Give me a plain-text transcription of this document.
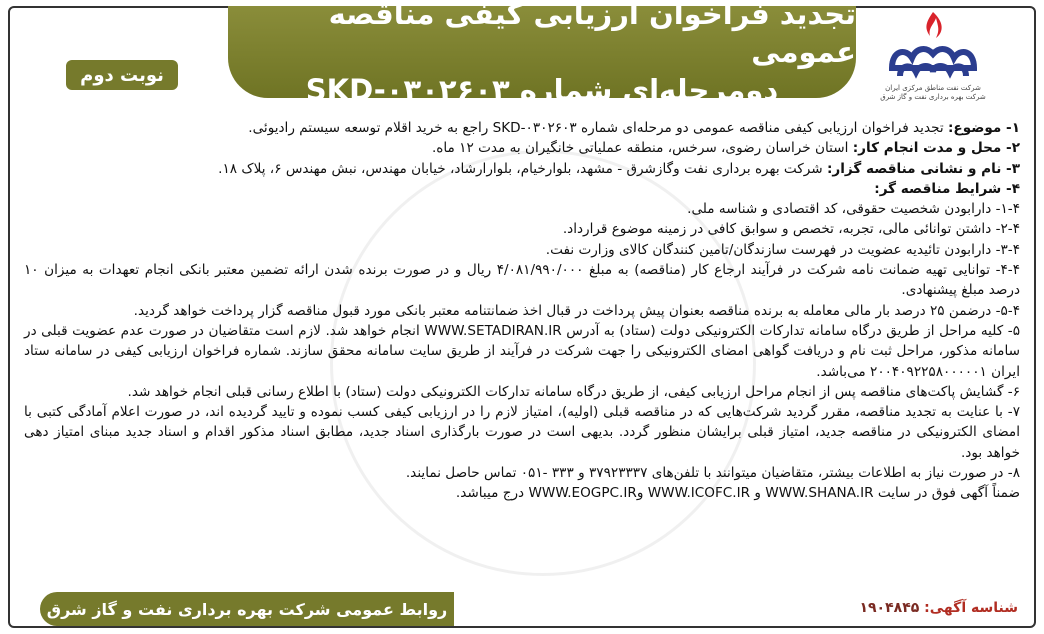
شرکت نفت مناطق مرکزی ایران
شرکت بهره برداری نفت و گاز شرق
تجدید فراخوان ارزیابی کیفی مناقصه عمومی
دومرحله‌ای شماره SKD-۰۳۰۲۶۰۳
نوبت دوم

۱- موضوع: تجدید فراخوان ارزیابی کیفی مناقصه عمومی دو مرحله‌ای شماره SKD-۰۳۰۲۶۰۳ راجع به خرید اقلام توسعه سیستم رادیوئی.

۲- محل و مدت انجام کار: استان خراسان رضوی، سرخس، منطقه عملیاتی خانگیران به مدت ۱۲ ماه.

۳- نام و نشانی مناقصه گزار: شرکت بهره برداری نفت وگازشرق - مشهد، بلوارخیام، بلوارارشاد، خیابان مهندس، نبش مهندس ۶، پلاک ۱۸.

۴- شرایط مناقصه گر:

۱-۴- دارابودن شخصیت حقوقی، کد اقتصادی و شناسه ملی.

۲-۴- داشتن توانائی مالی، تجربه، تخصص و سوابق کافی در زمینه موضوع قرارداد.

۳-۴- دارابودن تائیدیه عضویت در فهرست سازندگان/تامین کنندگان کالای وزارت نفت.

۴-۴- توانایی تهیه ضمانت نامه شرکت در فرآیند ارجاع کار (مناقصه) به مبلغ ۴/۰۸۱/۹۹۰/۰۰۰ ریال و در صورت برنده شدن ارائه تضمین معتبر بانکی انجام تعهدات به میزان ۱۰ درصد مبلغ پیشنهادی.

۵-۴- درضمن ۲۵ درصد بار مالی معامله به برنده مناقصه بعنوان پیش پرداخت در قبال اخذ ضمانتنامه معتبر بانکی مورد قبول مناقصه گزار پرداخت خواهد گردید.

۵- کلیه مراحل از طریق درگاه سامانه تدارکات الکترونیکی دولت (ستاد) به آدرس WWW.SETADIRAN.IR انجام خواهد شد. لازم است متقاضیان در صورت عدم عضویت قبلی در سامانه مذکور، مراحل ثبت نام و دریافت گواهی امضای الکترونیکی را جهت شرکت در فرآیند از طریق سایت سامانه محقق سازند. شماره فراخوان ارزیابی کیفی در سامانه ستاد ایران ۲۰۰۴۰۹۲۲۵۸۰۰۰۰۰۱ می‌باشد.

۶- گشایش پاکت‌های مناقصه پس از انجام مراحل ارزیابی کیفی، از طریق درگاه سامانه تدارکات الکترونیکی دولت (ستاد) با اطلاع رسانی قبلی انجام خواهد شد.

۷- با عنایت به تجدید مناقصه، مقرر گردید شرکت‌هایی که در مناقصه قبلی (اولیه)، امتیاز لازم را در ارزیابی کیفی کسب نموده و تایید گردیده اند، در صورت اعلام آمادگی کتبی با امضای الکترونیکی در مناقصه جدید، امتیاز قبلی برایشان منظور گردد. بدیهی است در صورت بارگذاری اسناد جدید، مطابق اسناد مذکور اقدام و اسناد جدید مبنای امتیاز دهی خواهد بود.

۸- در صورت نیاز به اطلاعات بیشتر، متقاضیان میتوانند با تلفن‌های ۳۷۹۲۳۳۳۷ و ۳۳۳ -۰۵۱ تماس حاصل نمایند.

ضمناً آگهی فوق در سایت WWW.SHANA.IR و WWW.ICOFC.IR وWWW.EOGPC.IR درج میباشد.

روابط عمومی شرکت بهره برداری نفت و گاز شرق	شناسه آگهی: ۱۹۰۴۸۴۵
